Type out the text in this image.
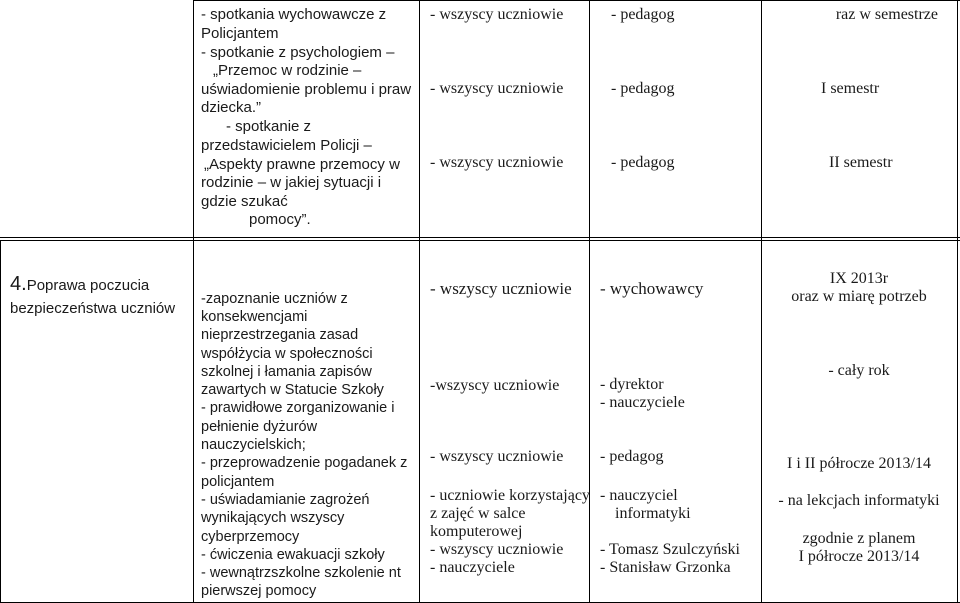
- spotkania wychowawcze z
Policjantem
- spotkanie z psychologiem –
„Przemoc w rodzinie –
uświadomienie problemu i praw
dziecka.”
- spotkanie z
przedstawicielem Policji –
„Aspekty prawne przemocy w
rodzinie – w jakiej sytuacji i
gdzie szukać
pomocy”.
- wszyscy uczniowie
- wszyscy uczniowie
- wszyscy uczniowie
- pedagog
- pedagog
- pedagog
raz w semestrze
I semestr
II semestr
4.Poprawa poczucia
bezpieczeństwa uczniów
-zapoznanie uczniów z
konsekwencjami
nieprzestrzegania zasad
współżycia w społeczności
szkolnej i łamania zapisów
zawartych w Statucie Szkoły
- prawidłowe zorganizowanie i
pełnienie dyżurów
nauczycielskich;
- przeprowadzenie pogadanek z
policjantem
- uświadamianie zagrożeń
wynikających wszyscy
cyberprzemocy
- ćwiczenia ewakuacji szkoły
- wewnątrzszkolne szkolenie nt
pierwszej pomocy
- wszyscy uczniowie
-wszyscy uczniowie
- wszyscy uczniowie
- uczniowie korzystający
z zajęć w salce
komputerowej
- wszyscy uczniowie
- nauczyciele
- wychowawcy
- dyrektor
- nauczyciele
- pedagog
- nauczyciel
informatyki
- Tomasz Szulczyński
- Stanisław Grzonka
IX 2013r
oraz w miarę potrzeb
- cały rok
I i II półrocze 2013/14
- na lekcjach informatyki
zgodnie z planem
I półrocze 2013/14
